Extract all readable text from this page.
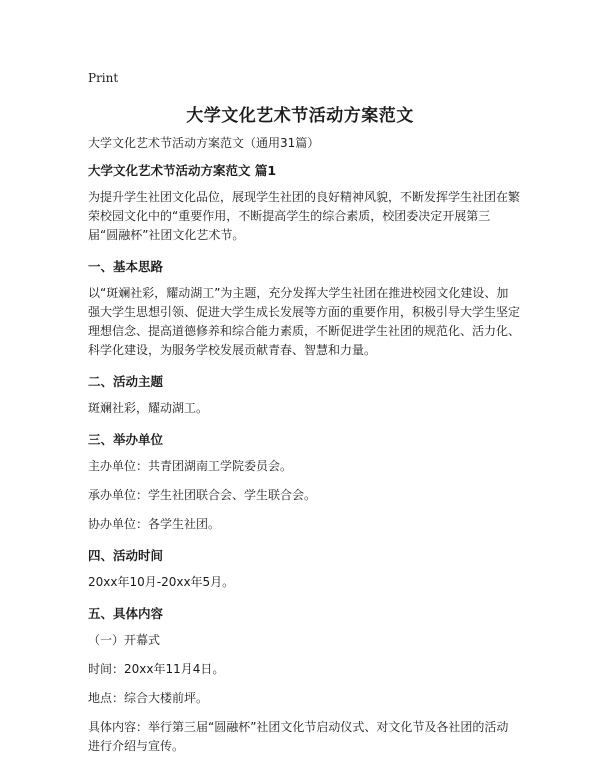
Print
大学文化艺术节活动方案范文

大学文化艺术节活动方案范文（通用31篇）

大学文化艺术节活动方案范文 篇1

为提升学生社团文化品位，展现学生社团的良好精神风貌，不断发挥学生社团在繁荣校园文化中的“重要作用，不断提高学生的综合素质，校团委决定开展第三届“圆融杯”社团文化艺术节。

一、基本思路

以“斑斓社彩，耀动湖工”为主题，充分发挥大学生社团在推进校园文化建设、加强大学生思想引领、促进大学生成长发展等方面的重要作用，积极引导大学生坚定理想信念、提高道德修养和综合能力素质，不断促进学生社团的规范化、活力化、科学化建设，为服务学校发展贡献青春、智慧和力量。

二、活动主题

斑斓社彩，耀动湖工。

三、举办单位

主办单位：共青团湖南工学院委员会。

承办单位：学生社团联合会、学生联合会。

协办单位：各学生社团。

四、活动时间

20xx年10月-20xx年5月。

五、具体内容

（一）开幕式

时间：20xx年11月4日。

地点：综合大楼前坪。

具体内容：举行第三届“圆融杯”社团文化节启动仪式、对文化节及各社团的活动进行介绍与宣传。
